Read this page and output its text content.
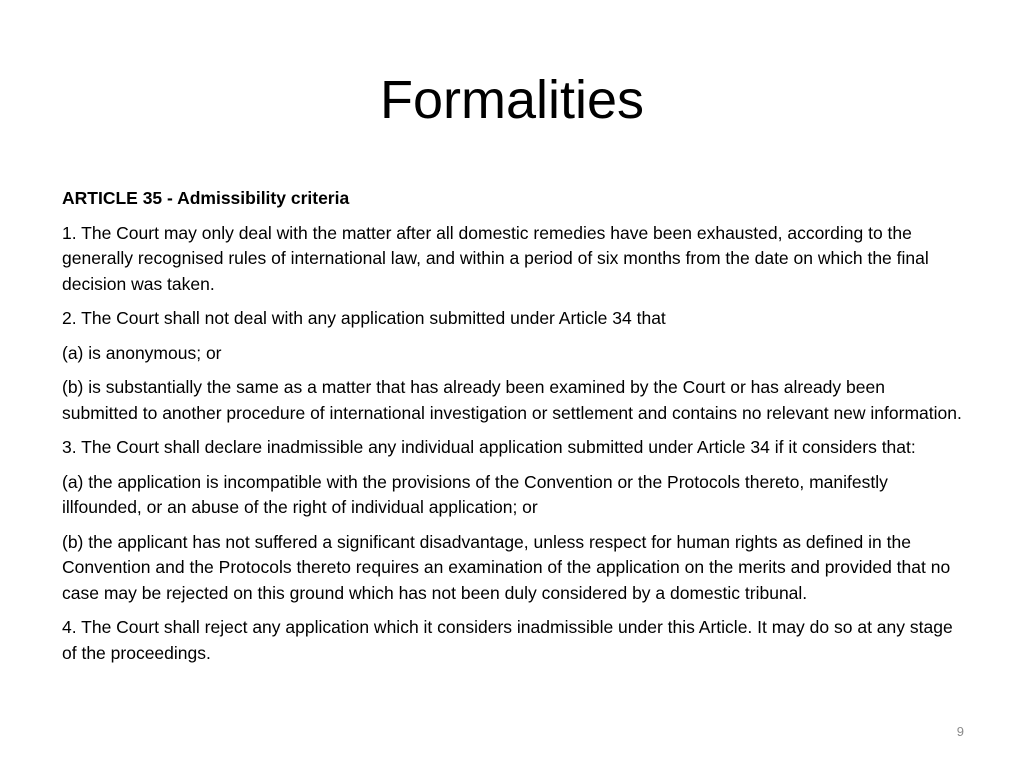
Formalities

ARTICLE 35 - Admissibility criteria

1. The Court may only deal with the matter after all domestic remedies have been exhausted, according to the generally recognised rules of international law, and within a period of six months from the date on which the final decision was taken.

2. The Court shall not deal with any application submitted under Article 34 that

(a) is anonymous; or

(b) is substantially the same as a matter that has already been examined by the Court or has already been submitted to another procedure of international investigation or settlement and contains no relevant new information.

3. The Court shall declare inadmissible any individual application submitted under Article 34 if it considers that:

(a) the application is incompatible with the provisions of the Convention or the Protocols thereto, manifestly illfounded, or an abuse of the right of individual application; or

(b) the applicant has not suffered a significant disadvantage, unless respect for human rights as defined in the Convention and the Protocols thereto requires an examination of the application on the merits and provided that no case may be rejected on this ground which has not been duly considered by a domestic tribunal.

4. The Court shall reject any application which it considers inadmissible under this Article. It may do so at any stage of the proceedings.

9
